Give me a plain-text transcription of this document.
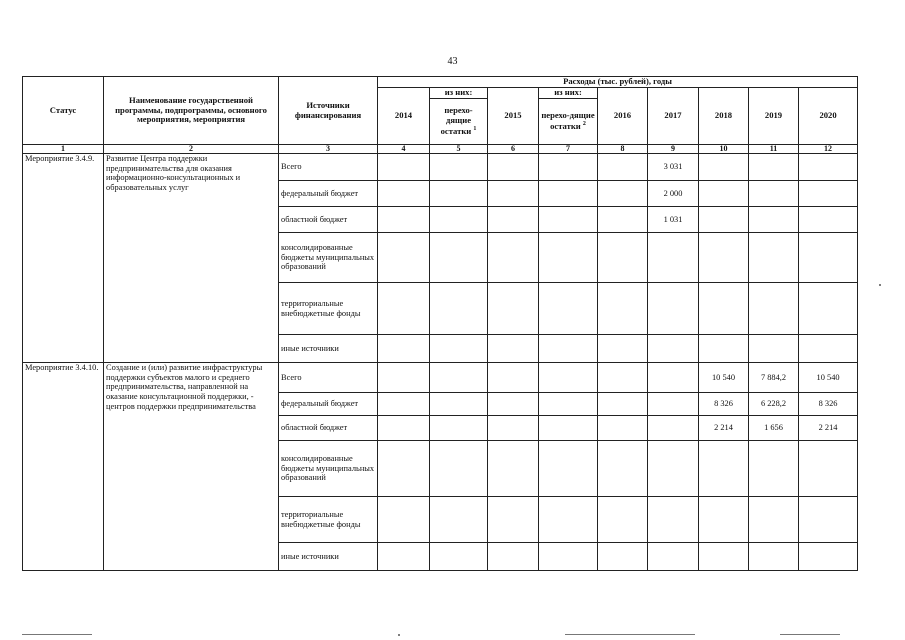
43
Статус	Наименование государственной программы, подпрограммы, основного мероприятия, мероприятия	Источники финансирования	Расходы (тыс. рублей), годы								
			2014	из них:	2015	из них:	2016	2017	2018	2019	2020
				перехо-дящие остатки $^1$		перехо-дящие остатки $^2$
1	2	3	4	5	6	7	8	9	10	11	12
Мероприятие 3.4.9.	Развитие Центра поддержки предпринимательства для оказания информационно-консультационных и образовательных услуг	Всего						3 031			
		федеральный бюджет						2 000			
		областной бюджет						1 031			
		консолидированные бюджеты муниципальных образований									
		территориальные внебюджетные фонды									
		иные источники									
Мероприятие 3.4.10.	Создание и (или) развитие инфраструктуры поддержки субъектов малого и среднего предпринимательства, направленной на оказание консультационной поддержки, - центров поддержки предпринимательства	Всего							10 540	7 884,2	10 540
		федеральный бюджет							8 326	6 228,2	8 326
		областной бюджет							2 214	1 656	2 214
		консолидированные бюджеты муниципальных образований									
		территориальные внебюджетные фонды									
		иные источники									
